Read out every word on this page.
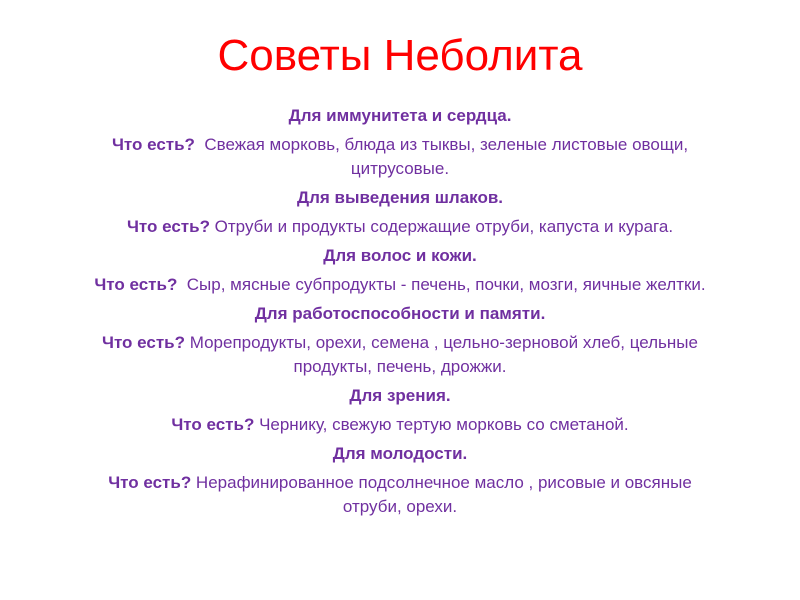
Советы Неболита
Для иммунитета и сердца.
Что есть?  Свежая морковь, блюда из тыквы, зеленые листовые овощи, цитрусовые.
Для выведения шлаков.
Что есть? Отруби и продукты содержащие отруби, капуста и курага.
Для волос и кожи.
Что есть?  Сыр, мясные субпродукты - печень, почки, мозги, яичные желтки.
Для работоспособности и памяти.
Что есть? Морепродукты, орехи, семена , цельно-зерновой хлеб, цельные продукты, печень, дрожжи.
Для зрения.
Что есть? Чернику, свежую тертую морковь со сметаной.
Для молодости.
Что есть? Нерафинированное подсолнечное масло , рисовые и овсяные отруби, орехи.
